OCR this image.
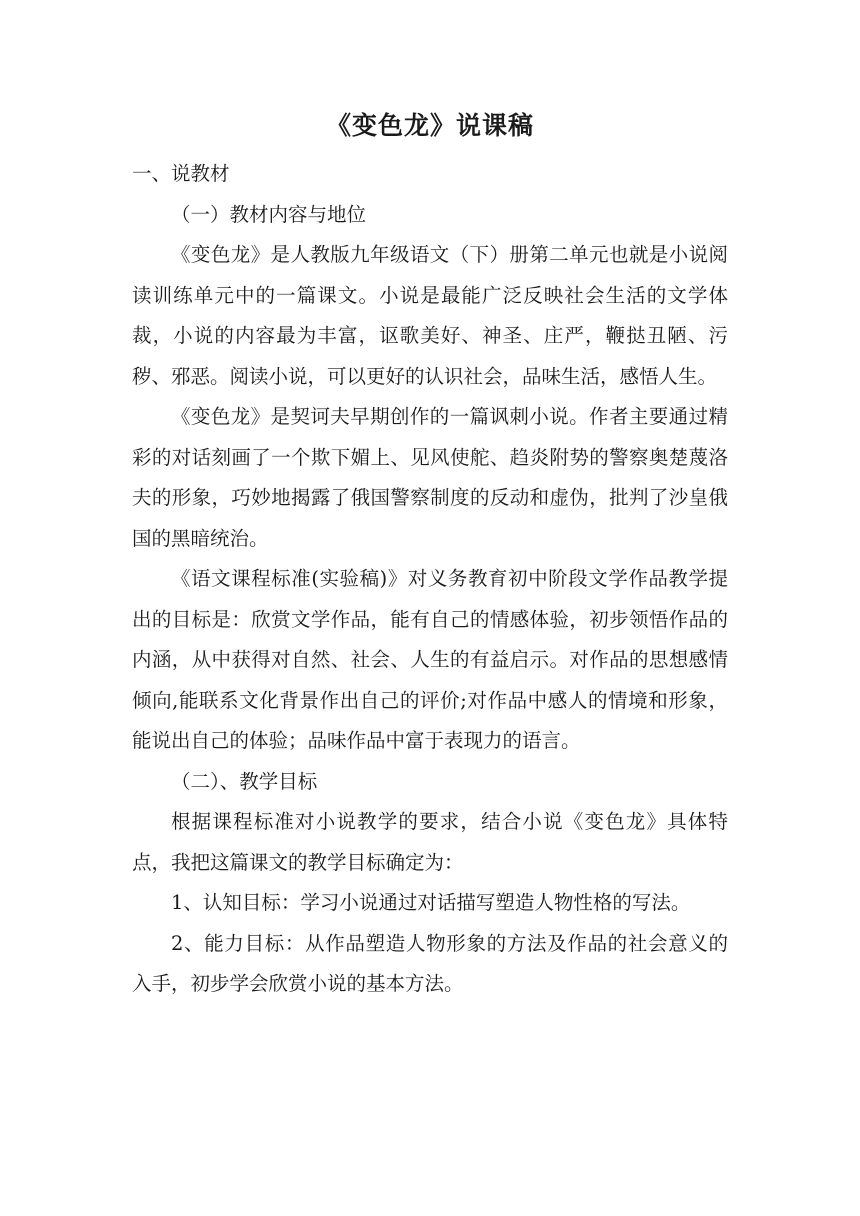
《变色龙》说课稿

一、说教材

（一）教材内容与地位

《变色龙》是人教版九年级语文（下）册第二单元也就是小说阅读训练单元中的一篇课文。小说是最能广泛反映社会生活的文学体裁，小说的内容最为丰富，讴歌美好、神圣、庄严，鞭挞丑陋、污秽、邪恶。阅读小说，可以更好的认识社会，品味生活，感悟人生。

《变色龙》是契诃夫早期创作的一篇讽刺小说。作者主要通过精彩的对话刻画了一个欺下媚上、见风使舵、趋炎附势的警察奥楚蔑洛夫的形象，巧妙地揭露了俄国警察制度的反动和虚伪，批判了沙皇俄国的黑暗统治。

《语文课程标准(实验稿)》对义务教育初中阶段文学作品教学提出的目标是：欣赏文学作品，能有自己的情感体验，初步领悟作品的内涵，从中获得对自然、社会、人生的有益启示。对作品的思想感情倾向,能联系文化背景作出自己的评价;对作品中感人的情境和形象，能说出自己的体验；品味作品中富于表现力的语言。

（二）、教学目标

根据课程标准对小说教学的要求，结合小说《变色龙》具体特点，我把这篇课文的教学目标确定为：

1、认知目标：学习小说通过对话描写塑造人物性格的写法。

2、能力目标：从作品塑造人物形象的方法及作品的社会意义的入手，初步学会欣赏小说的基本方法。
